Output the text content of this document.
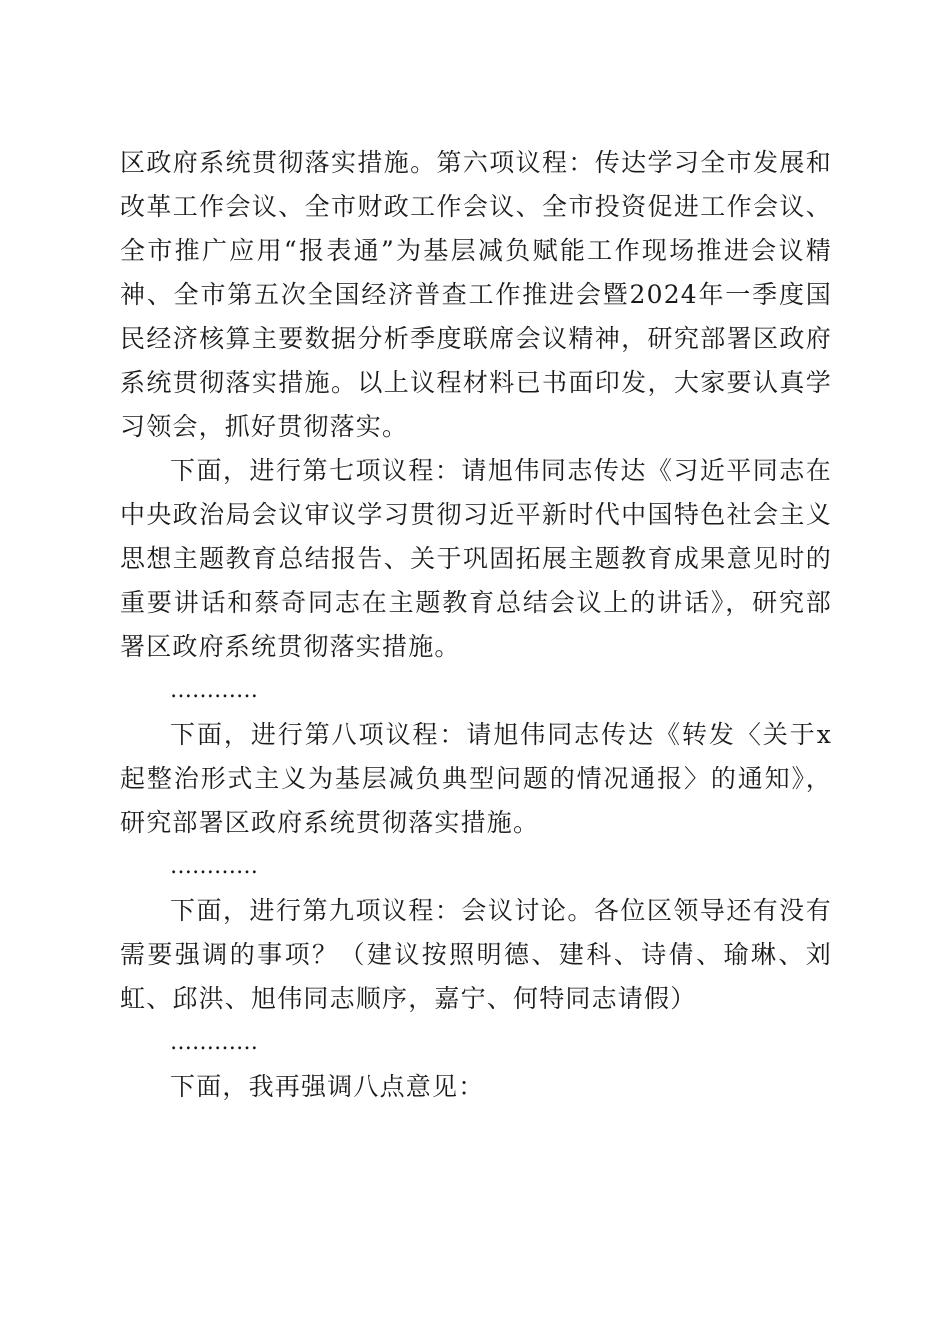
区政府系统贯彻落实措施。第六项议程：传达学习全市发展和改革工作会议、全市财政工作会议、全市投资促进工作会议、全市推广应用“报表通”为基层减负赋能工作现场推进会议精神、全市第五次全国经济普查工作推进会暨2024年一季度国民经济核算主要数据分析季度联席会议精神，研究部署区政府系统贯彻落实措施。以上议程材料已书面印发，大家要认真学习领会，抓好贯彻落实。

下面，进行第七项议程：请旭伟同志传达《习近平同志在中央政治局会议审议学习贯彻习近平新时代中国特色社会主义思想主题教育总结报告、关于巩固拓展主题教育成果意见时的重要讲话和蔡奇同志在主题教育总结会议上的讲话》，研究部署区政府系统贯彻落实措施。

…………

下面，进行第八项议程：请旭伟同志传达《转发〈关于x起整治形式主义为基层减负典型问题的情况通报〉的通知》，研究部署区政府系统贯彻落实措施。

…………

下面，进行第九项议程：会议讨论。各位区领导还有没有需要强调的事项？（建议按照明德、建科、诗倩、瑜琳、刘虹、邱洪、旭伟同志顺序，嘉宁、何特同志请假）

…………

下面，我再强调八点意见：
